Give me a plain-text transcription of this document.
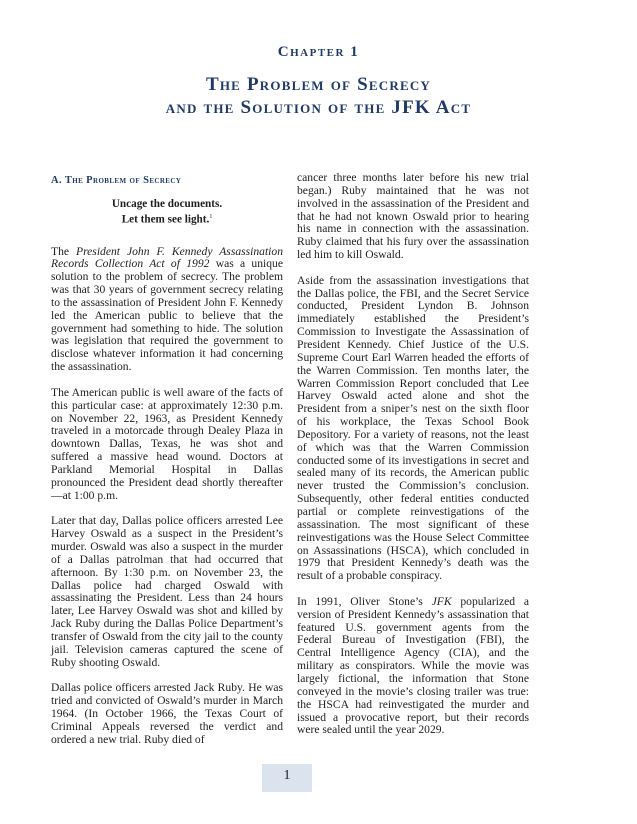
Chapter 1
The Problem of Secrecy
and the Solution of the JFK Act
A. The Problem of Secrecy
Uncage the documents.
Let them see light.$^1$

The President John F. Kennedy Assassination Records Collection Act of 1992 was a unique solution to the problem of secrecy. The problem was that 30 years of government secrecy relating to the assassination of President John F. Kennedy led the American public to believe that the government had something to hide. The solution was legislation that required the government to disclose whatever information it had concerning the assassination.

The American public is well aware of the facts of this particular case: at approximately 12:30 p.m. on November 22, 1963, as President Kennedy traveled in a motorcade through Dealey Plaza in downtown Dallas, Texas, he was shot and suffered a massive head wound. Doctors at Parkland Memorial Hospital in Dallas pronounced the President dead shortly thereafter—at 1:00 p.m.

Later that day, Dallas police officers arrested Lee Harvey Oswald as a suspect in the President’s murder. Oswald was also a suspect in the murder of a Dallas patrolman that had occurred that afternoon. By 1:30 p.m. on November 23, the Dallas police had charged Oswald with assassinating the President. Less than 24 hours later, Lee Harvey Oswald was shot and killed by Jack Ruby during the Dallas Police Department’s transfer of Oswald from the city jail to the county jail. Television cameras captured the scene of Ruby shooting Oswald.

Dallas police officers arrested Jack Ruby. He was tried and convicted of Oswald’s murder in March 1964. (In October 1966, the Texas Court of Criminal Appeals reversed the verdict and ordered a new trial. Ruby died of

cancer three months later before his new trial began.) Ruby maintained that he was not involved in the assassination of the President and that he had not known Oswald prior to hearing his name in connection with the assassination. Ruby claimed that his fury over the assassination led him to kill Oswald.

Aside from the assassination investigations that the Dallas police, the FBI, and the Secret Service conducted, President Lyndon B. Johnson immediately established the President’s Commission to Investigate the Assassination of President Kennedy. Chief Justice of the U.S. Supreme Court Earl Warren headed the efforts of the Warren Commission. Ten months later, the Warren Commission Report concluded that Lee Harvey Oswald acted alone and shot the President from a sniper’s nest on the sixth floor of his workplace, the Texas School Book Depository. For a variety of reasons, not the least of which was that the Warren Commission conducted some of its investigations in secret and sealed many of its records, the American public never trusted the Commission’s conclusion. Subsequently, other federal entities conducted partial or complete reinvestigations of the assassination. The most significant of these reinvestigations was the House Select Committee on Assassinations (HSCA), which concluded in 1979 that President Kennedy’s death was the result of a probable conspiracy.

In 1991, Oliver Stone’s JFK popularized a version of President Kennedy’s assassination that featured U.S. government agents from the Federal Bureau of Investigation (FBI), the Central Intelligence Agency (CIA), and the military as conspirators. While the movie was largely fictional, the information that Stone conveyed in the movie’s closing trailer was true: the HSCA had reinvestigated the murder and issued a provocative report, but their records were sealed until the year 2029.

1
